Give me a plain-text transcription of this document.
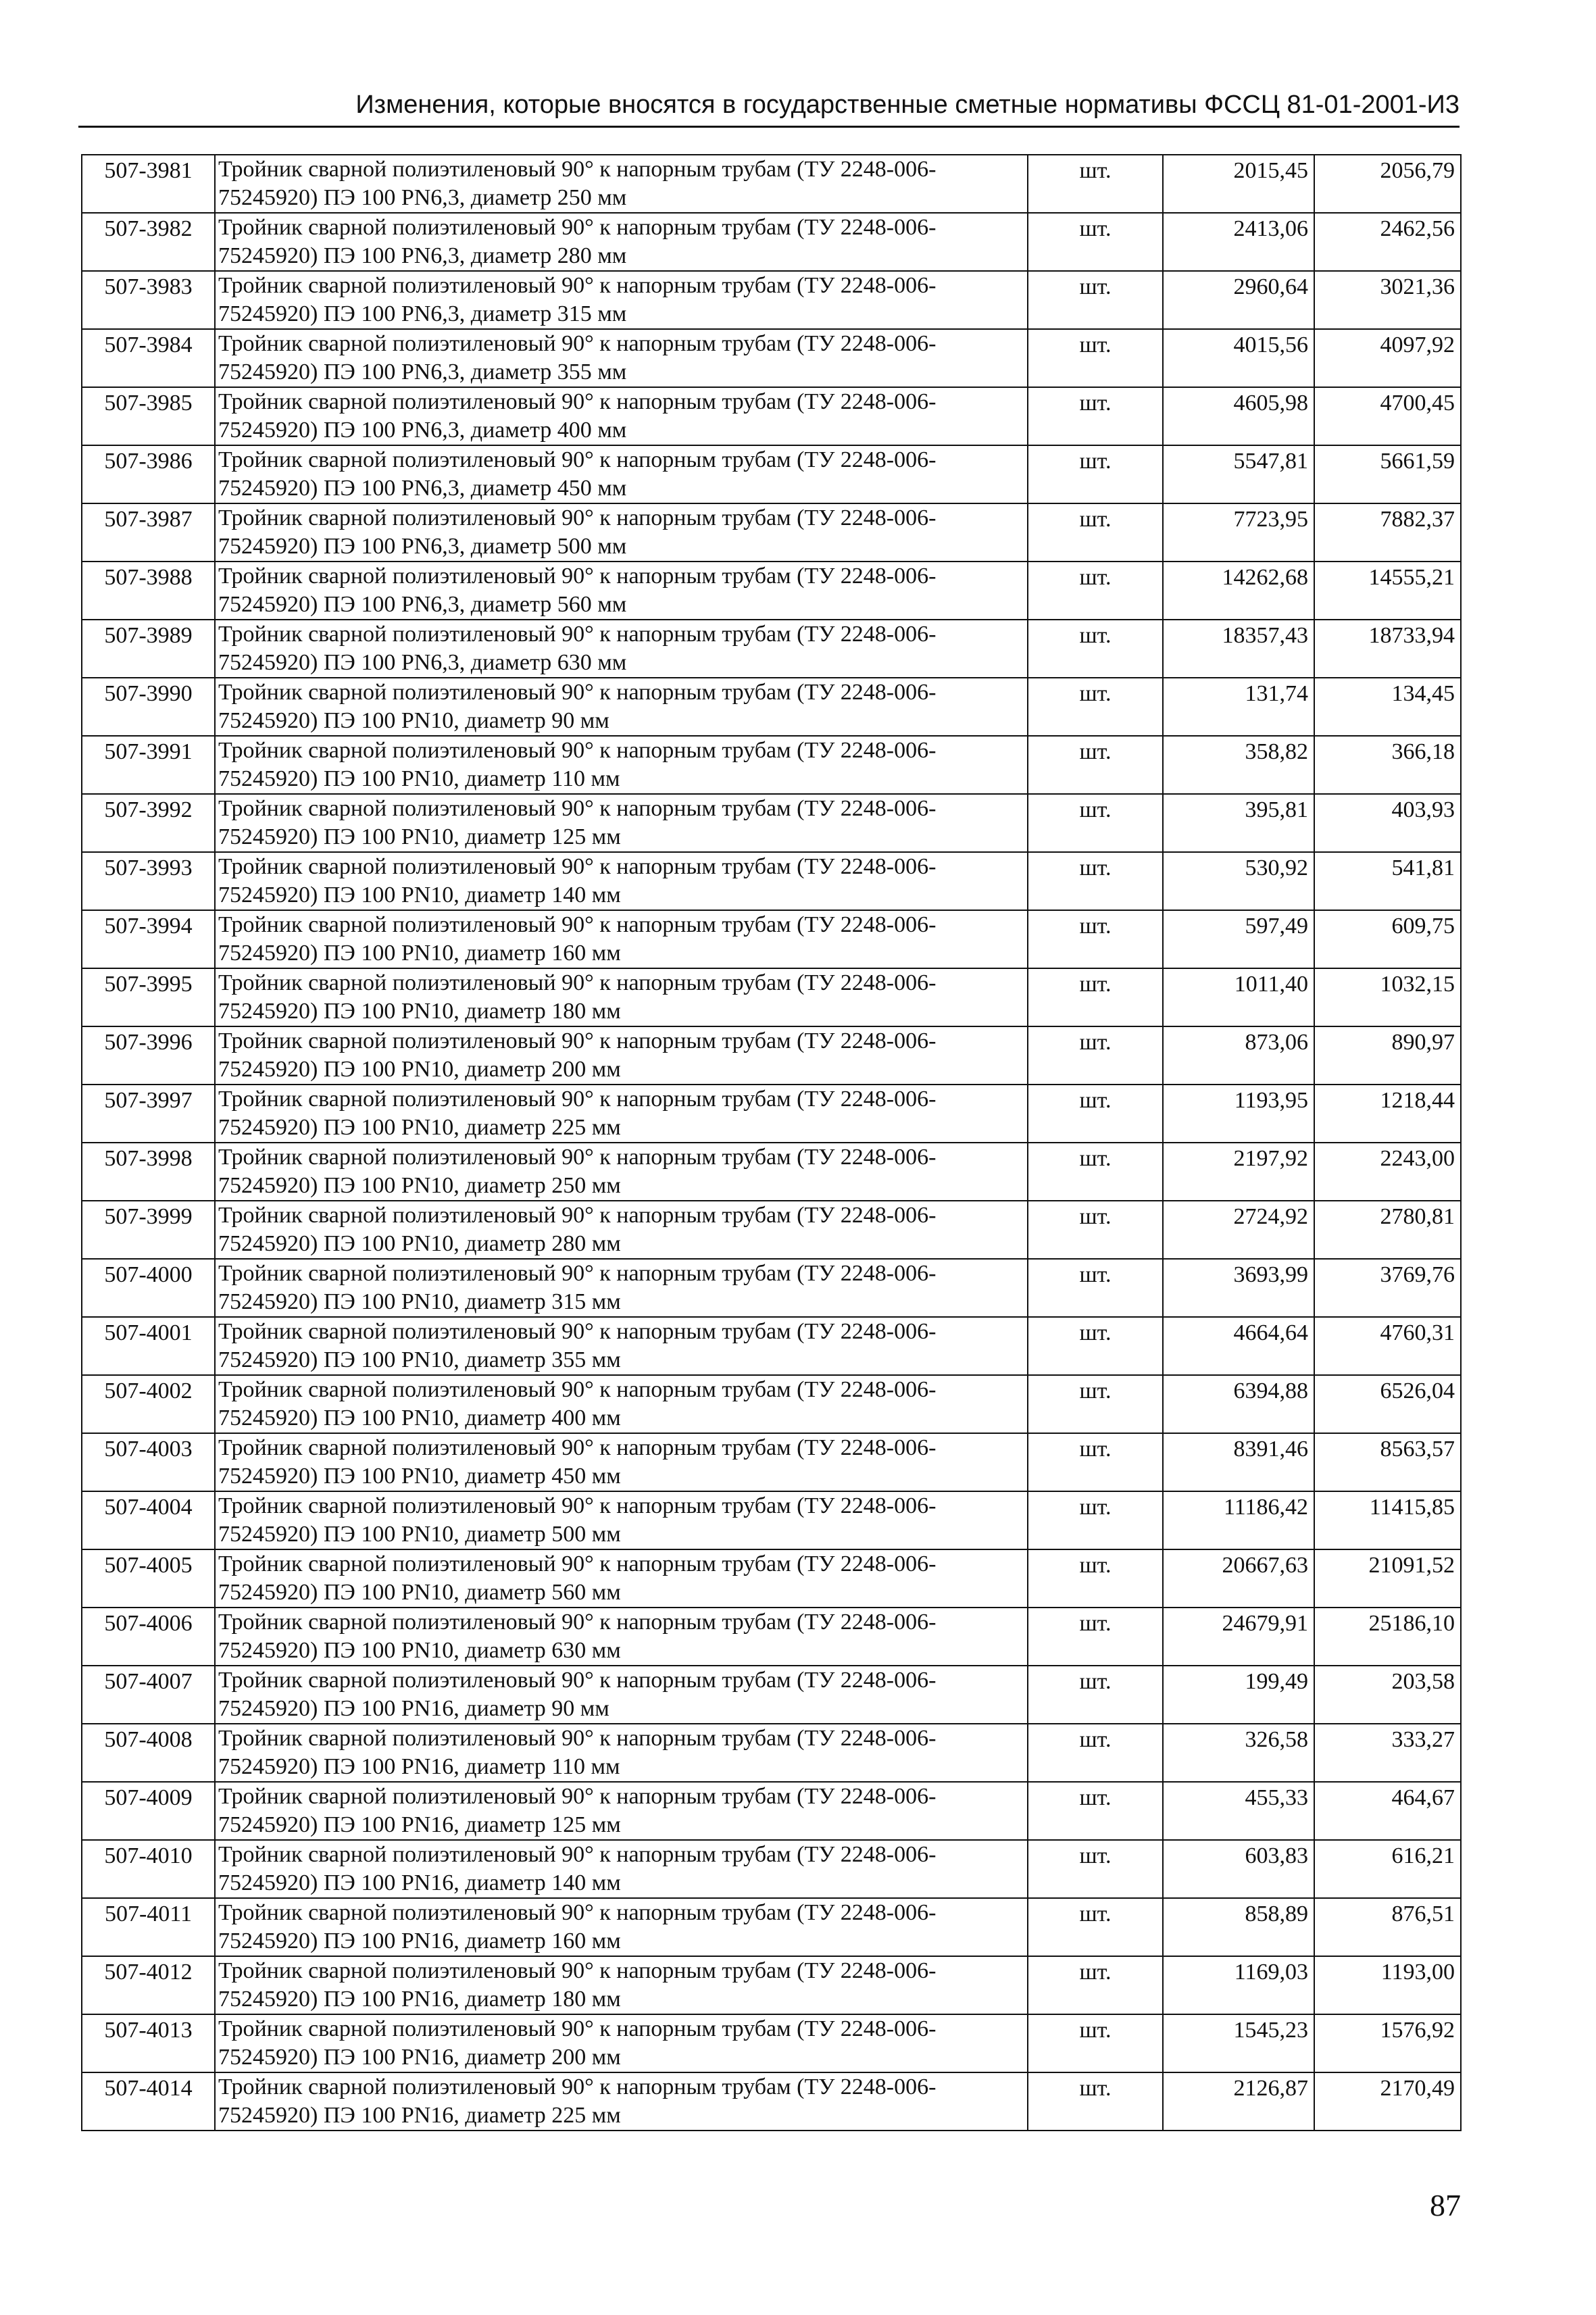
Изменения, которые вносятся в государственные сметные нормативы ФССЦ 81-01-2001-И3
507-3981	Тройник сварной полиэтиленовый 90° к напорным трубам (ТУ 2248-006-
75245920) ПЭ 100 PN6,3, диаметр 250 мм	шт.	2015,45	2056,79
507-3982	Тройник сварной полиэтиленовый 90° к напорным трубам (ТУ 2248-006-
75245920) ПЭ 100 PN6,3, диаметр 280 мм	шт.	2413,06	2462,56
507-3983	Тройник сварной полиэтиленовый 90° к напорным трубам (ТУ 2248-006-
75245920) ПЭ 100 PN6,3, диаметр 315 мм	шт.	2960,64	3021,36
507-3984	Тройник сварной полиэтиленовый 90° к напорным трубам (ТУ 2248-006-
75245920) ПЭ 100 PN6,3, диаметр 355 мм	шт.	4015,56	4097,92
507-3985	Тройник сварной полиэтиленовый 90° к напорным трубам (ТУ 2248-006-
75245920) ПЭ 100 PN6,3, диаметр 400 мм	шт.	4605,98	4700,45
507-3986	Тройник сварной полиэтиленовый 90° к напорным трубам (ТУ 2248-006-
75245920) ПЭ 100 PN6,3, диаметр 450 мм	шт.	5547,81	5661,59
507-3987	Тройник сварной полиэтиленовый 90° к напорным трубам (ТУ 2248-006-
75245920) ПЭ 100 PN6,3, диаметр 500 мм	шт.	7723,95	7882,37
507-3988	Тройник сварной полиэтиленовый 90° к напорным трубам (ТУ 2248-006-
75245920) ПЭ 100 PN6,3, диаметр 560 мм	шт.	14262,68	14555,21
507-3989	Тройник сварной полиэтиленовый 90° к напорным трубам (ТУ 2248-006-
75245920) ПЭ 100 PN6,3, диаметр 630 мм	шт.	18357,43	18733,94
507-3990	Тройник сварной полиэтиленовый 90° к напорным трубам (ТУ 2248-006-
75245920) ПЭ 100 PN10, диаметр 90 мм	шт.	131,74	134,45
507-3991	Тройник сварной полиэтиленовый 90° к напорным трубам (ТУ 2248-006-
75245920) ПЭ 100 PN10, диаметр 110 мм	шт.	358,82	366,18
507-3992	Тройник сварной полиэтиленовый 90° к напорным трубам (ТУ 2248-006-
75245920) ПЭ 100 PN10, диаметр 125 мм	шт.	395,81	403,93
507-3993	Тройник сварной полиэтиленовый 90° к напорным трубам (ТУ 2248-006-
75245920) ПЭ 100 PN10, диаметр 140 мм	шт.	530,92	541,81
507-3994	Тройник сварной полиэтиленовый 90° к напорным трубам (ТУ 2248-006-
75245920) ПЭ 100 PN10, диаметр 160 мм	шт.	597,49	609,75
507-3995	Тройник сварной полиэтиленовый 90° к напорным трубам (ТУ 2248-006-
75245920) ПЭ 100 PN10, диаметр 180 мм	шт.	1011,40	1032,15
507-3996	Тройник сварной полиэтиленовый 90° к напорным трубам (ТУ 2248-006-
75245920) ПЭ 100 PN10, диаметр 200 мм	шт.	873,06	890,97
507-3997	Тройник сварной полиэтиленовый 90° к напорным трубам (ТУ 2248-006-
75245920) ПЭ 100 PN10, диаметр 225 мм	шт.	1193,95	1218,44
507-3998	Тройник сварной полиэтиленовый 90° к напорным трубам (ТУ 2248-006-
75245920) ПЭ 100 PN10, диаметр 250 мм	шт.	2197,92	2243,00
507-3999	Тройник сварной полиэтиленовый 90° к напорным трубам (ТУ 2248-006-
75245920) ПЭ 100 PN10, диаметр 280 мм	шт.	2724,92	2780,81
507-4000	Тройник сварной полиэтиленовый 90° к напорным трубам (ТУ 2248-006-
75245920) ПЭ 100 PN10, диаметр 315 мм	шт.	3693,99	3769,76
507-4001	Тройник сварной полиэтиленовый 90° к напорным трубам (ТУ 2248-006-
75245920) ПЭ 100 PN10, диаметр 355 мм	шт.	4664,64	4760,31
507-4002	Тройник сварной полиэтиленовый 90° к напорным трубам (ТУ 2248-006-
75245920) ПЭ 100 PN10, диаметр 400 мм	шт.	6394,88	6526,04
507-4003	Тройник сварной полиэтиленовый 90° к напорным трубам (ТУ 2248-006-
75245920) ПЭ 100 PN10, диаметр 450 мм	шт.	8391,46	8563,57
507-4004	Тройник сварной полиэтиленовый 90° к напорным трубам (ТУ 2248-006-
75245920) ПЭ 100 PN10, диаметр 500 мм	шт.	11186,42	11415,85
507-4005	Тройник сварной полиэтиленовый 90° к напорным трубам (ТУ 2248-006-
75245920) ПЭ 100 PN10, диаметр 560 мм	шт.	20667,63	21091,52
507-4006	Тройник сварной полиэтиленовый 90° к напорным трубам (ТУ 2248-006-
75245920) ПЭ 100 PN10, диаметр 630 мм	шт.	24679,91	25186,10
507-4007	Тройник сварной полиэтиленовый 90° к напорным трубам (ТУ 2248-006-
75245920) ПЭ 100 PN16, диаметр 90 мм	шт.	199,49	203,58
507-4008	Тройник сварной полиэтиленовый 90° к напорным трубам (ТУ 2248-006-
75245920) ПЭ 100 PN16, диаметр 110 мм	шт.	326,58	333,27
507-4009	Тройник сварной полиэтиленовый 90° к напорным трубам (ТУ 2248-006-
75245920) ПЭ 100 PN16, диаметр 125 мм	шт.	455,33	464,67
507-4010	Тройник сварной полиэтиленовый 90° к напорным трубам (ТУ 2248-006-
75245920) ПЭ 100 PN16, диаметр 140 мм	шт.	603,83	616,21
507-4011	Тройник сварной полиэтиленовый 90° к напорным трубам (ТУ 2248-006-
75245920) ПЭ 100 PN16, диаметр 160 мм	шт.	858,89	876,51
507-4012	Тройник сварной полиэтиленовый 90° к напорным трубам (ТУ 2248-006-
75245920) ПЭ 100 PN16, диаметр 180 мм	шт.	1169,03	1193,00
507-4013	Тройник сварной полиэтиленовый 90° к напорным трубам (ТУ 2248-006-
75245920) ПЭ 100 PN16, диаметр 200 мм	шт.	1545,23	1576,92
507-4014	Тройник сварной полиэтиленовый 90° к напорным трубам (ТУ 2248-006-
75245920) ПЭ 100 PN16, диаметр 225 мм	шт.	2126,87	2170,49
87
